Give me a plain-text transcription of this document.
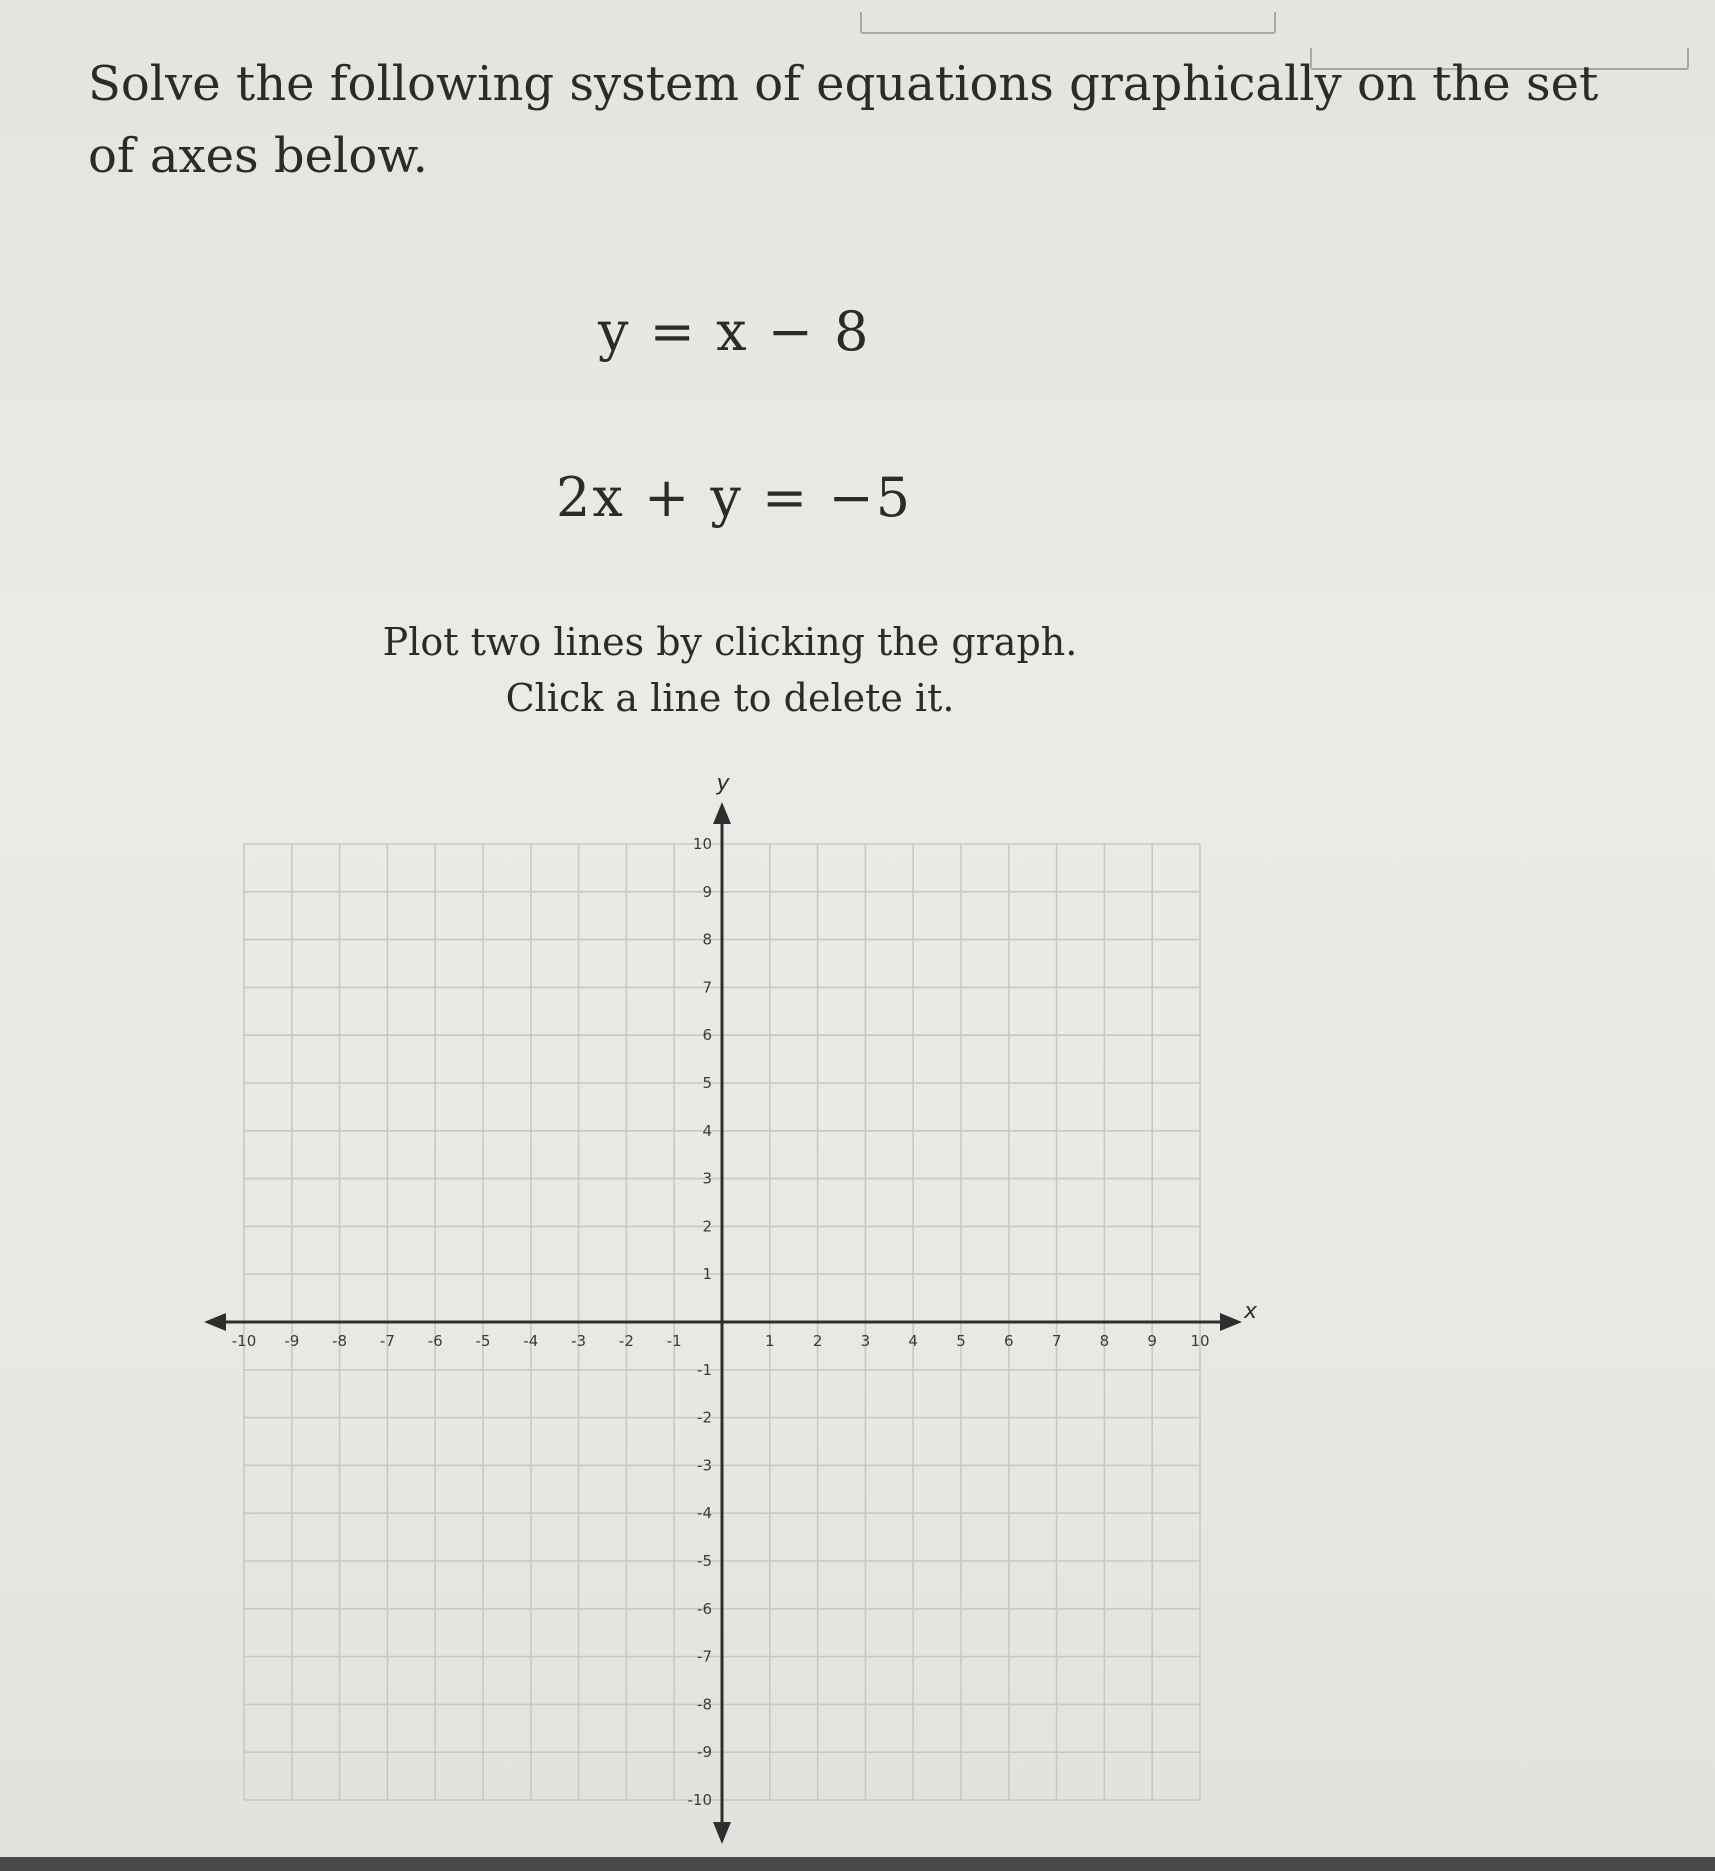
Solve the following system of equations graphically on the set of axes below.
y = x − 8
2x + y = −5
Plot two lines by clicking the graph.
Click a line to delete it.
-10 -9 -8 -7 -6 -5 -4 -3 -2 -1	1	2	3	4	5	6	7	8	9 10
10
9
8
7
6
5
4
3
2
1
-1
-2
-3
-4
-5
-6
-7
-8
-9
-10
x
y
